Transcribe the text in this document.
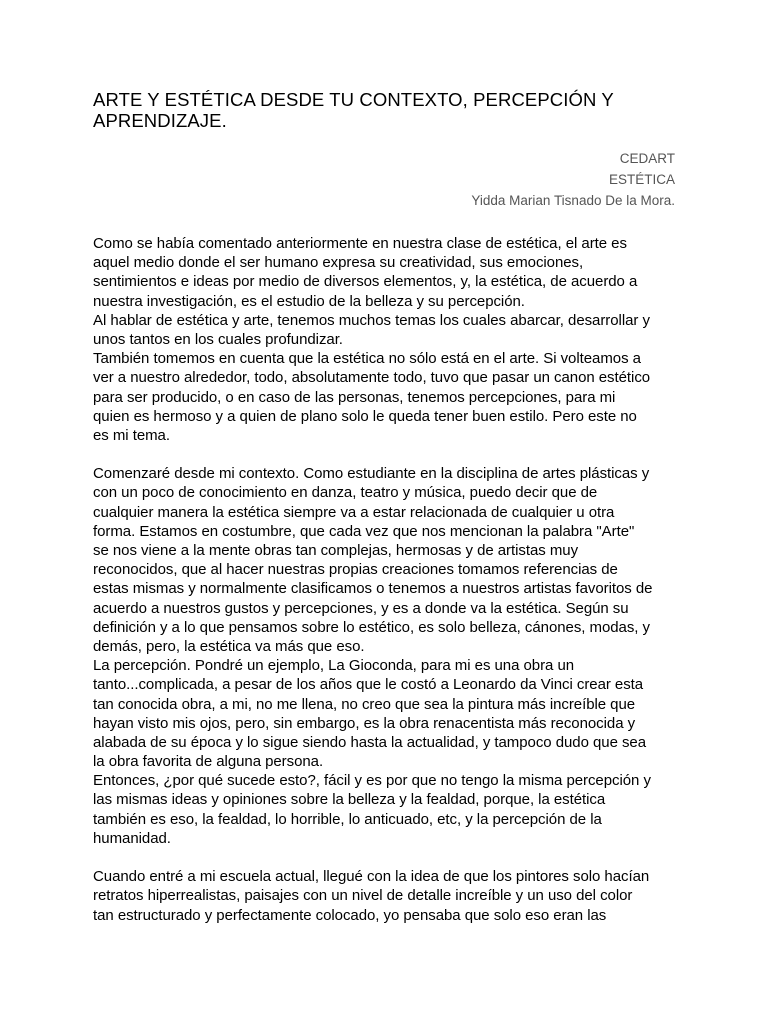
ARTE Y ESTÉTICA DESDE TU CONTEXTO, PERCEPCIÓN Y
APRENDIZAJE.
CEDART
ESTÉTICA
Yidda Marian Tisnado De la Mora.
Como se había comentado anteriormente en nuestra clase de estética, el arte es
aquel medio donde el ser humano expresa su creatividad, sus emociones,
sentimientos e ideas por medio de diversos elementos, y, la estética, de acuerdo a
nuestra investigación, es el estudio de la belleza y su percepción.
Al hablar de estética y arte, tenemos muchos temas los cuales abarcar, desarrollar y
unos tantos en los cuales profundizar.
También tomemos en cuenta que la estética no sólo está en el arte. Si volteamos a
ver a nuestro alrededor, todo, absolutamente todo, tuvo que pasar un canon estético
para ser producido, o en caso de las personas, tenemos percepciones, para mi
quien es hermoso y a quien de plano solo le queda tener buen estilo. Pero este no
es mi tema.
Comenzaré desde mi contexto. Como estudiante en la disciplina de artes plásticas y
con un poco de conocimiento en danza, teatro y música, puedo decir que de
cualquier manera la estética siempre va a estar relacionada de cualquier u otra
forma. Estamos en costumbre, que cada vez que nos mencionan la palabra "Arte"
se nos viene a la mente obras tan complejas, hermosas y de artistas muy
reconocidos, que al hacer nuestras propias creaciones tomamos referencias de
estas mismas y normalmente clasificamos o tenemos a nuestros artistas favoritos de
acuerdo a nuestros gustos y percepciones, y es a donde va la estética. Según su
definición y a lo que pensamos sobre lo estético, es solo belleza, cánones, modas, y
demás, pero, la estética va más que eso.
La percepción. Pondré un ejemplo, La Gioconda, para mi es una obra un
tanto...complicada, a pesar de los años que le costó a Leonardo da Vinci crear esta
tan conocida obra, a mi, no me llena, no creo que sea la pintura más increíble que
hayan visto mis ojos, pero, sin embargo, es la obra renacentista más reconocida y
alabada de su época y lo sigue siendo hasta la actualidad, y tampoco dudo que sea
la obra favorita de alguna persona.
Entonces, ¿por qué sucede esto?, fácil y es por que no tengo la misma percepción y
las mismas ideas y opiniones sobre la belleza y la fealdad, porque, la estética
también es eso, la fealdad, lo horrible, lo anticuado, etc, y la percepción de la
humanidad.
Cuando entré a mi escuela actual, llegué con la idea de que los pintores solo hacían
retratos hiperrealistas, paisajes con un nivel de detalle increíble y un uso del color
tan estructurado y perfectamente colocado, yo pensaba que solo eso eran las
